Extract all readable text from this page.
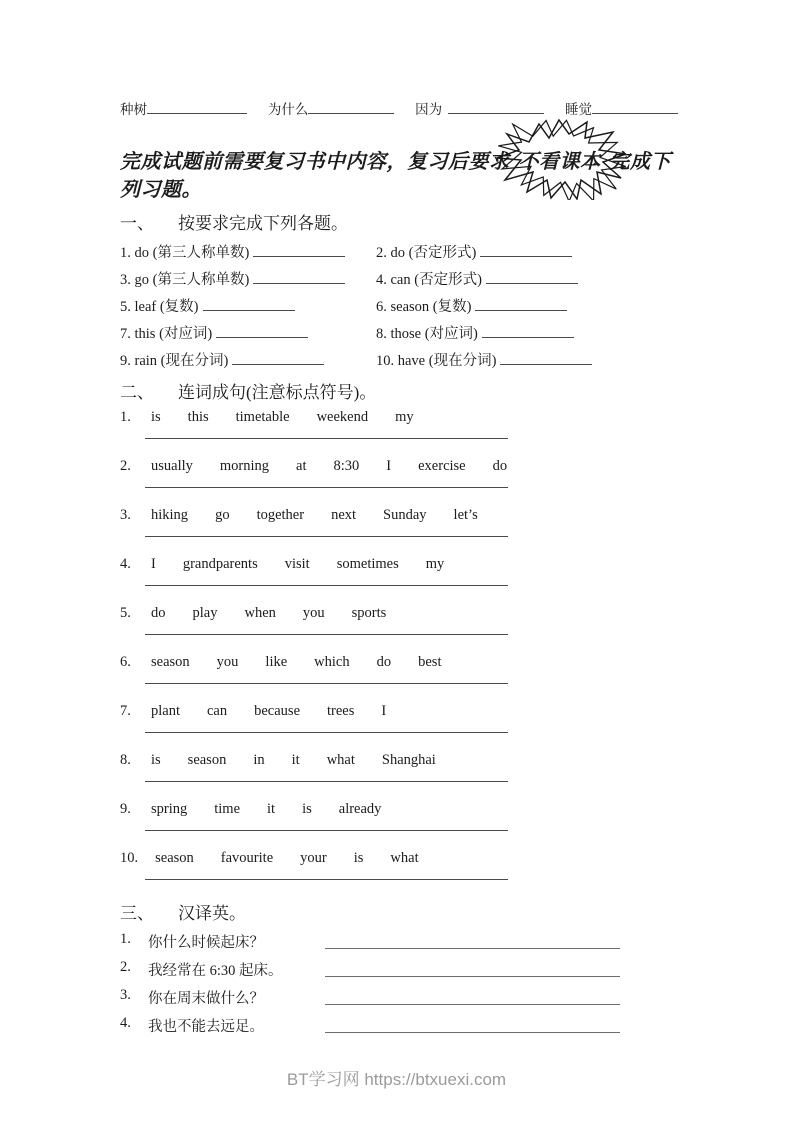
种树	为什么	因为	睡觉
完成试题前需要复习书中内容，复习后要求 不看课本 完成下列习题。
一、 按要求完成下列各题。
1. do (第三人称单数)	2. do (否定形式)
3. go (第三人称单数)	4. can (否定形式)
5. leaf (复数)	6. season (复数)
7. this (对应词)	8. those (对应词)
9. rain (现在分词)	10. have (现在分词)
二、 连词成句(注意标点符号)。
1. is this timetable weekend my
2. usually morning at 8:30 I exercise do
3. hiking go together next Sunday let’s
4. I grandparents visit sometimes my
5. do play when you sports
6. season you like which do best
7. plant can because trees I
8. is season in it what Shanghai
9. spring time it is already
10. season favourite your is what
三、 汉译英。
1.	你什么时候起床？
2.	我经常在 6:30 起床。
3.	你在周末做什么？
4.	我也不能去远足。
BT学习网 https://btxuexi.com
